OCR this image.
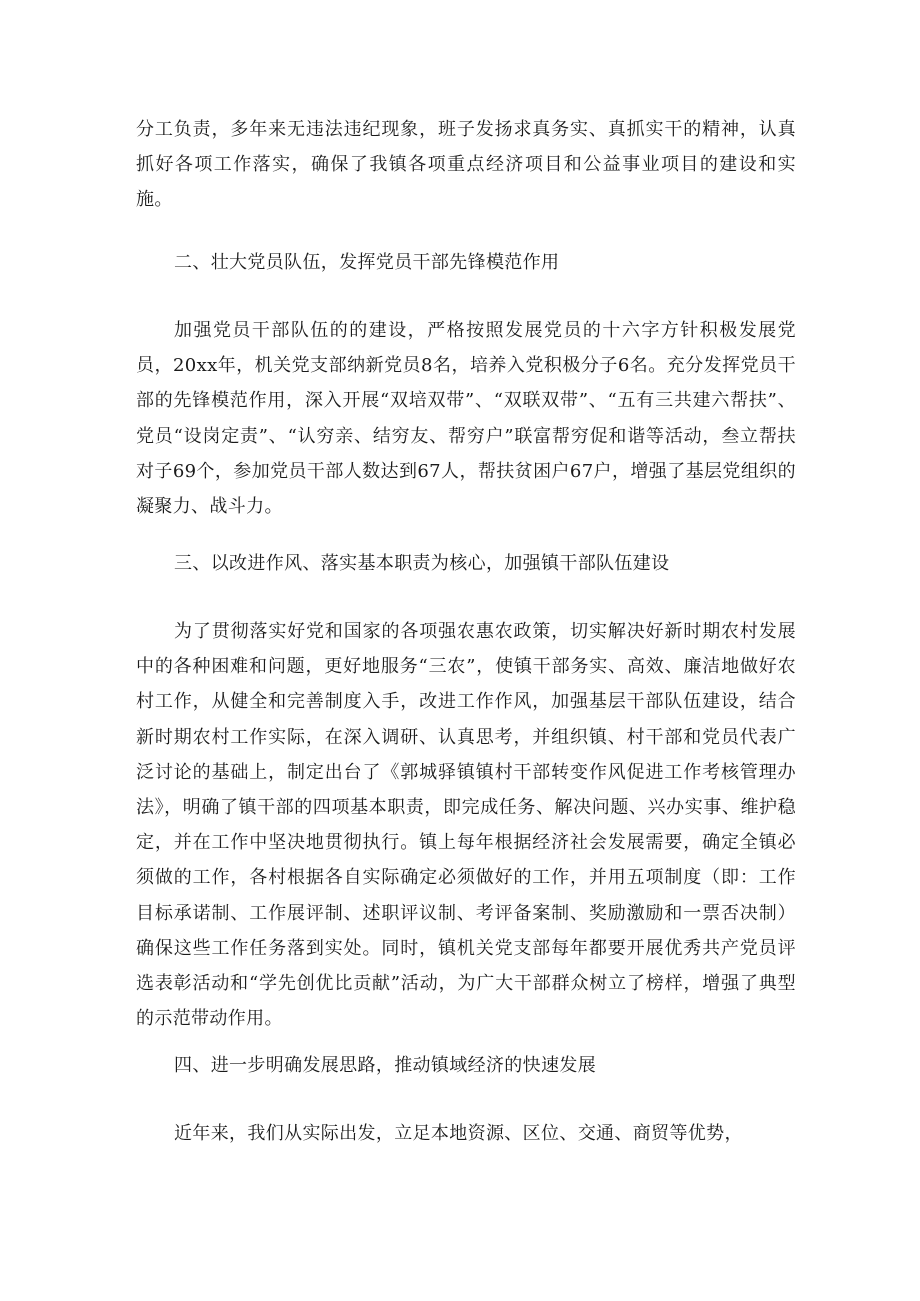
分工负责，多年来无违法违纪现象，班子发扬求真务实、真抓实干的精神，认真抓好各项工作落实，确保了我镇各项重点经济项目和公益事业项目的建设和实施。

二、壮大党员队伍，发挥党员干部先锋模范作用

加强党员干部队伍的的建设，严格按照发展党员的十六字方针积极发展党员，20xx年，机关党支部纳新党员8名，培养入党积极分子6名。充分发挥党员干部的先锋模范作用，深入开展“双培双带”、“双联双带”、“五有三共建六帮扶”、党员“设岗定责”、“认穷亲、结穷友、帮穷户”联富帮穷促和谐等活动，叁立帮扶对子69个，参加党员干部人数达到67人，帮扶贫困户67户，增强了基层党组织的凝聚力、战斗力。

三、以改进作风、落实基本职责为核心，加强镇干部队伍建设

为了贯彻落实好党和国家的各项强农惠农政策，切实解决好新时期农村发展中的各种困难和问题，更好地服务“三农”，使镇干部务实、高效、廉洁地做好农村工作，从健全和完善制度入手，改进工作作风，加强基层干部队伍建设，结合新时期农村工作实际，在深入调研、认真思考，并组织镇、村干部和党员代表广泛讨论的基础上，制定出台了《郭城驿镇镇村干部转变作风促进工作考核管理办法》，明确了镇干部的四项基本职责，即完成任务、解决问题、兴办实事、维护稳定，并在工作中坚决地贯彻执行。镇上每年根据经济社会发展需要，确定全镇必须做的工作，各村根据各自实际确定必须做好的工作，并用五项制度（即：工作目标承诺制、工作展评制、述职评议制、考评备案制、奖励激励和一票否决制）确保这些工作任务落到实处。同时，镇机关党支部每年都要开展优秀共产党员评选表彰活动和“学先创优比贡献”活动，为广大干部群众树立了榜样，增强了典型的示范带动作用。

四、进一步明确发展思路，推动镇域经济的快速发展

近年来，我们从实际出发，立足本地资源、区位、交通、商贸等优势，
